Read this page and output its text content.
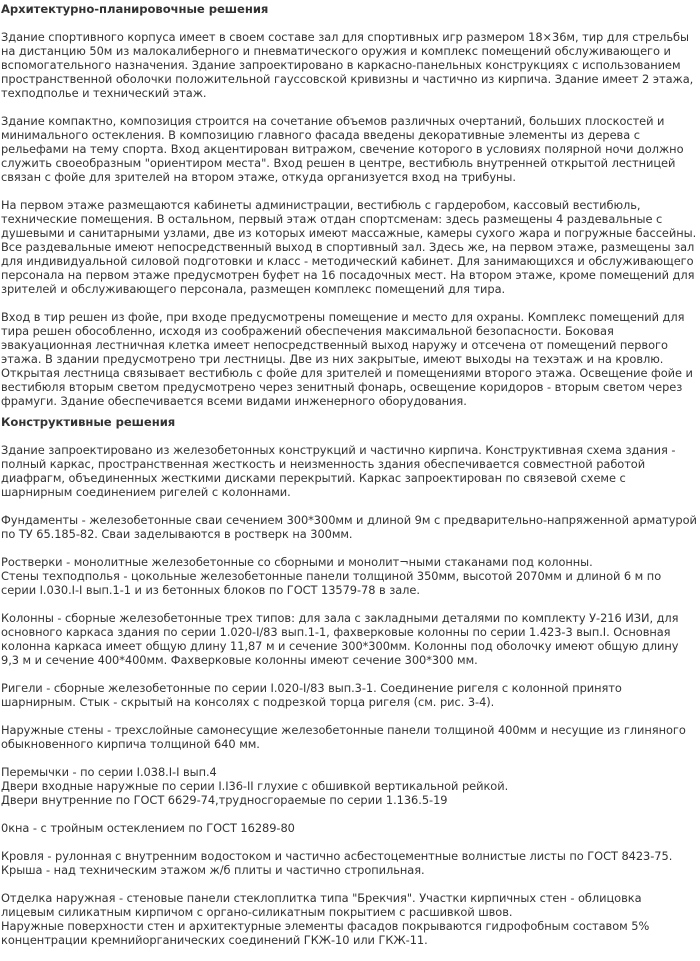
Архитектурно-планировочные решения

Здание спортивного корпуса имеет в своем составе зал для спортивных игр размером 18×36м, тир для стрельбы на дистанцию 50м из малокалиберного и пневматического оружия и комплекс помещений обслуживающего и вспомогательного назначения. Здание запроектировано в каркасно-панельных конструкциях с использованием пространственной оболочки положительной гауссовской кривизны и частично из кирпича. Здание имеет 2 этажа, техподполье и технический этаж.

Здание компактно, композиция строится на сочетание объемов различных очертаний, больших плоскостей и минимального остекления. В композицию главного фасада введены декоративные элементы из дерева с рельефами на тему спорта. Вход акцентирован витражом, свечение которого в условиях полярной ночи должно служить своеобразным "ориентиром места". Вход решен в центре, вестибюль внутренней открытой лестницей связан с фойе для зрителей на втором этаже, откуда организуется вход на трибуны.

На первом этаже размещаются кабинеты администрации, вестибюль с гардеробом, кассовый вестибюль, технические помещения. В остальном, первый этаж отдан спортсменам: здесь размещены 4 раздевальные с душевыми и санитарными узлами, две из которых имеют массажные, камеры сухого жара и погружные бассейны. Все раздевальные имеют непосредственный выход в спортивный зал. Здесь же, на первом этаже, размещены зал для индивидуальной силовой подготовки и класс - методический кабинет. Для занимающихся и обслуживающего персонала на первом этаже предусмотрен буфет на 16 посадочных мест. На втором этаже, кроме помещений для зрителей и обслуживающего персонала, размещен комплекс помещений для тира.

Вход в тир решен из фойе, при входе предусмотрены помещение и место для охраны. Комплекс помещений для тира решен обособленно, исходя из соображений обеспечения максимальной безопасности. Боковая эвакуационная лестничная клетка имеет непосредственный выход наружу и отсечена от помещений первого этажа. В здании предусмотрено три лестницы. Две из них закрытые, имеют выходы на техэтаж и на кровлю. Открытая лестница связывает вестибюль с фойе для зрителей и помещениями второго этажа. Освещение фойе и вестибюля вторым светом предусмотрено через зенитный фонарь, освещение коридоров - вторым светом через фрамуги. Здание обеспечивается всеми видами инженерного оборудования.

Конструктивные решения

Здание запроектировано из железобетонных конструкций и частично кирпича. Конструктивная схема здания - полный каркас, пространственная жесткость и неизменность здания обеспечивается совместной работой диафрагм, объединенных жесткими дисками перекрытий. Каркас запроектирован по связевой схеме с шарнирным соединением ригелей с колоннами.

Фундаменты - железобетонные сваи сечением 300*300мм и длиной 9м с предварительно-напряженной арматурой по ТУ 65.185-82. Сваи заделываются в ростверк на 300мм.

Ростверки - монолитные железобетонные со сборными и монолит¬ными стаканами под колонны.
Стены техподполья - цокольные железобетонные панели толщиной 350мм, высотой 2070мм и длиной 6 м по серии I.030.I-I вып.1-1 и из бетонных блоков по ГОСТ 13579-78 в зале.

Колонны - сборные железобетонные трех типов: для зала с закладными деталями по комплекту У-216 ИЗИ, для основного каркаса здания по серии 1.020-I/83 вып.1-1, фахверковые колонны по серии 1.423-3 вып.I. Основная колонна каркаса имеет общую длину 11,87 м и сечение 300*300мм. Колонны под оболочку имеют общую длину 9,3 м и сечение 400*400мм. Фахверковые колонны имеют сечение 300*300 мм.

Ригели - сборные железобетонные по серии I.020-I/83 вып.3-1. Соединение ригеля с колонной принято шарнирным. Стык - скрытый на консолях с подрезкой торца ригеля (см. рис. 3-4).

Наружные стены - трехслойные самонесущие железобетонные панели толщиной 400мм и несущие из глиняного обыкновенного кирпича толщиной 640 мм.

Перемычки - по серии I.038.I-I вып.4
Двери входные наружные по серии I.I36-II глухие с обшивкой вертикальной рейкой.
Двери внутренние по ГОСТ 6629-74,трудносгораемые по серии 1.136.5-19

0кна - с тройным остеклением по ГОСТ 16289-80

Кровля - рулонная с внутренним водостоком и частично асбестоцементные волнистые листы по ГОСТ 8423-75.
Крыша - над техническим этажом ж/б плиты и частично стропильная.

Отделка наружная - стеновые панели стеклоплитка типа "Брекчия". Участки кирпичных стен - облицовка лицевым силикатным кирпичом с органо-силикатным покрытием с расшивкой швов.
Наружные поверхности стен и архитектурные элементы фасадов покрываются гидрофобным составом 5% концентрации кремнийорганических соединений ГКЖ-10 или ГКЖ-11.
